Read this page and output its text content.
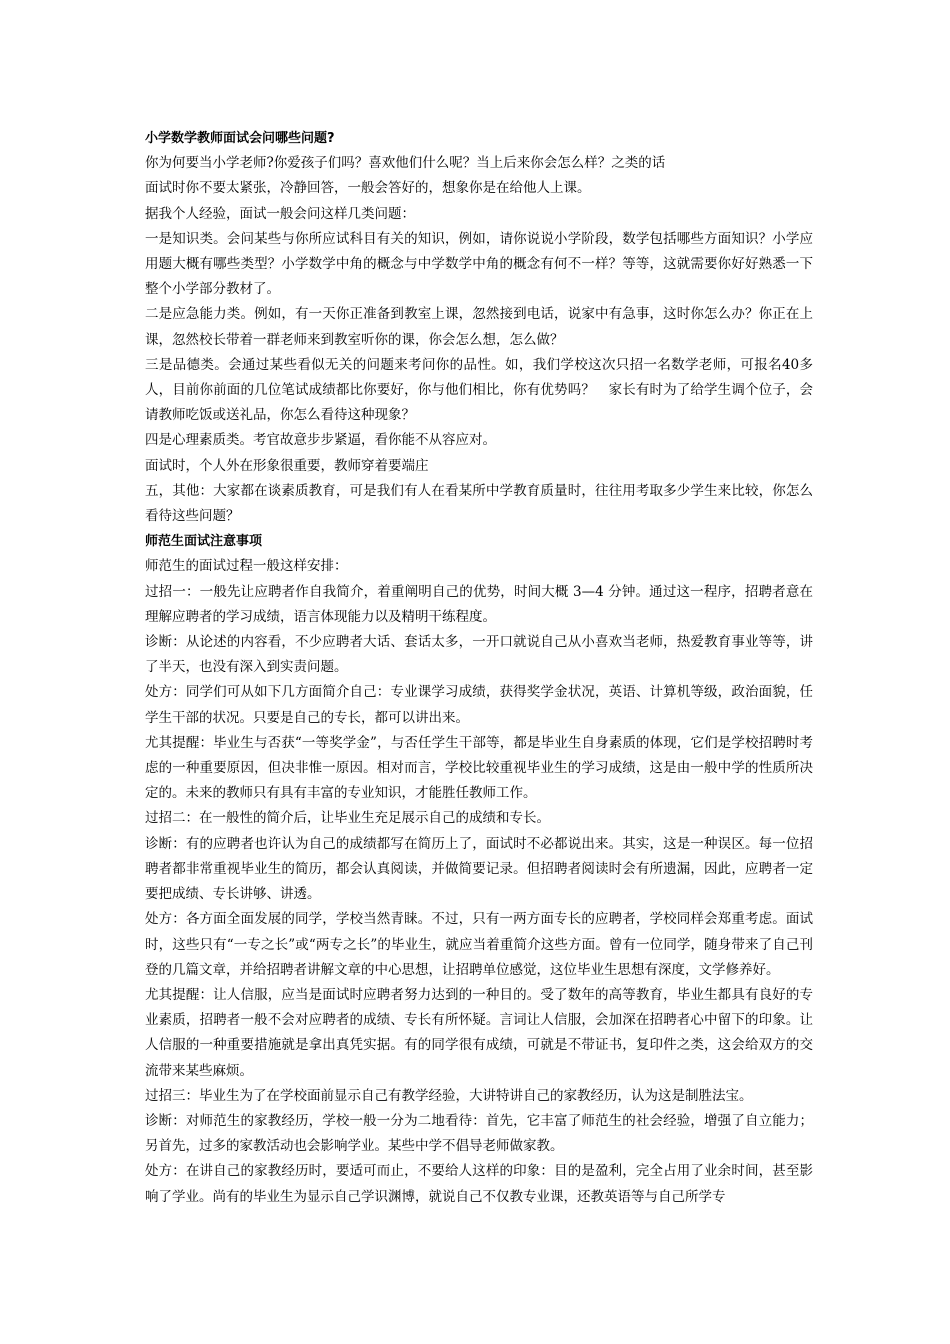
小学数学教师面试会问哪些问题?

你为何要当小学老师?你爱孩子们吗？喜欢他们什么呢？当上后来你会怎么样？之类的话

面试时你不要太紧张，冷静回答，一般会答好的，想象你是在给他人上课。

据我个人经验，面试一般会问这样几类问题：

一是知识类。会问某些与你所应试科目有关的知识，例如，请你说说小学阶段，数学包括哪些方面知识？小学应用题大概有哪些类型？小学数学中角的概念与中学数学中角的概念有何不一样？等等，这就需要你好好熟悉一下整个小学部分教材了。

二是应急能力类。例如，有一天你正准备到教室上课，忽然接到电话，说家中有急事，这时你怎么办？你正在上课，忽然校长带着一群老师来到教室听你的课，你会怎么想，怎么做？

三是品德类。会通过某些看似无关的问题来考问你的品性。如，我们学校这次只招一名数学老师，可报名40多人，目前你前面的几位笔试成绩都比你要好，你与他们相比，你有优势吗？　家长有时为了给学生调个位子，会请教师吃饭或送礼品，你怎么看待这种现象？

四是心理素质类。考官故意步步紧逼，看你能不从容应对。

面试时，个人外在形象很重要，教师穿着要端庄

五，其他：大家都在谈素质教育，可是我们有人在看某所中学教育质量时，往往用考取多少学生来比较，你怎么看待这些问题？

师范生面试注意事项

师范生的面试过程一般这样安排：

过招一：一般先让应聘者作自我简介，着重阐明自己的优势，时间大概 3—4 分钟。通过这一程序，招聘者意在理解应聘者的学习成绩，语言体现能力以及精明干练程度。

诊断：从论述的内容看，不少应聘者大话、套话太多，一开口就说自己从小喜欢当老师，热爱教育事业等等，讲了半天，也没有深入到实责问题。

处方：同学们可从如下几方面简介自己：专业课学习成绩，获得奖学金状况，英语、计算机等级，政治面貌，任学生干部的状况。只要是自己的专长，都可以讲出来。

尤其提醒：毕业生与否获“一等奖学金”，与否任学生干部等，都是毕业生自身素质的体现，它们是学校招聘时考虑的一种重要原因，但决非惟一原因。相对而言，学校比较重视毕业生的学习成绩，这是由一般中学的性质所决定的。未来的教师只有具有丰富的专业知识，才能胜任教师工作。

过招二：在一般性的简介后，让毕业生充足展示自己的成绩和专长。

诊断：有的应聘者也许认为自己的成绩都写在简历上了，面试时不必都说出来。其实，这是一种误区。每一位招聘者都非常重视毕业生的简历，都会认真阅读，并做简要记录。但招聘者阅读时会有所遗漏，因此，应聘者一定要把成绩、专长讲够、讲透。

处方：各方面全面发展的同学，学校当然青睐。不过，只有一两方面专长的应聘者，学校同样会郑重考虑。面试时，这些只有“一专之长”或“两专之长”的毕业生，就应当着重简介这些方面。曾有一位同学，随身带来了自己刊登的几篇文章，并给招聘者讲解文章的中心思想，让招聘单位感觉，这位毕业生思想有深度，文学修养好。

尤其提醒：让人信服，应当是面试时应聘者努力达到的一种目的。受了数年的高等教育，毕业生都具有良好的专业素质，招聘者一般不会对应聘者的成绩、专长有所怀疑。言词让人信服，会加深在招聘者心中留下的印象。让人信服的一种重要措施就是拿出真凭实据。有的同学很有成绩，可就是不带证书，复印件之类，这会给双方的交流带来某些麻烦。

过招三：毕业生为了在学校面前显示自己有教学经验，大讲特讲自己的家教经历，认为这是制胜法宝。

诊断：对师范生的家教经历，学校一般一分为二地看待：首先，它丰富了师范生的社会经验，增强了自立能力；另首先，过多的家教活动也会影响学业。某些中学不倡导老师做家教。

处方：在讲自己的家教经历时，要适可而止，不要给人这样的印象：目的是盈利，完全占用了业余时间，甚至影响了学业。尚有的毕业生为显示自己学识渊博，就说自己不仅教专业课，还教英语等与自己所学专
